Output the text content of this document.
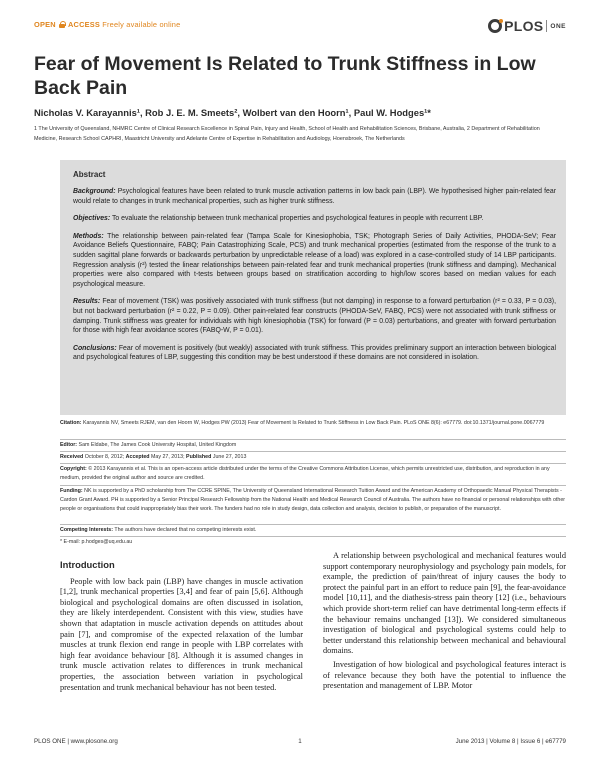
OPEN ACCESS Freely available online	PLOS ONE
Fear of Movement Is Related to Trunk Stiffness in Low Back Pain
Nicholas V. Karayannis¹, Rob J. E. M. Smeets², Wolbert van den Hoorn¹, Paul W. Hodges¹*
1 The University of Queensland, NHMRC Centre of Clinical Research Excellence in Spinal Pain, Injury and Health, School of Health and Rehabilitation Sciences, Brisbane, Australia, 2 Department of Rehabilitation Medicine, Research School CAPHRI, Maastricht University and Adelante Centre of Expertise in Rehabilitation and Audiology, Hoensbroek, The Netherlands
Abstract

Background: Psychological features have been related to trunk muscle activation patterns in low back pain (LBP). We hypothesised higher pain-related fear would relate to changes in trunk mechanical properties, such as higher trunk stiffness.

Objectives: To evaluate the relationship between trunk mechanical properties and psychological features in people with recurrent LBP.

Methods: The relationship between pain-related fear (Tampa Scale for Kinesiophobia, TSK; Photograph Series of Daily Activities, PHODA-SeV; Fear Avoidance Beliefs Questionnaire, FABQ; Pain Catastrophizing Scale, PCS) and trunk mechanical properties (estimated from the response of the trunk to a sudden sagittal plane forwards or backwards perturbation by unpredictable release of a load) was explored in a case-controlled study of 14 LBP participants. Regression analysis (r²) tested the linear relationships between pain-related fear and trunk mechanical properties (trunk stiffness and damping). Mechanical properties were also compared with t-tests between groups based on stratification according to high/low scores based on median values for each psychological measure.

Results: Fear of movement (TSK) was positively associated with trunk stiffness (but not damping) in response to a forward perturbation (r² = 0.33, P = 0.03), but not backward perturbation (r² = 0.22, P = 0.09). Other pain-related fear constructs (PHODA-SeV, FABQ, PCS) were not associated with trunk stiffness or damping. Trunk stiffness was greater for individuals with high kinesiophobia (TSK) for forward (P = 0.03) perturbations, and greater with forward perturbation for those with high fear avoidance scores (FABQ-W, P = 0.01).

Conclusions: Fear of movement is positively (but weakly) associated with trunk stiffness. This provides preliminary support an interaction between biological and psychological features of LBP, suggesting this condition may be best understood if these domains are not considered in isolation.

Citation: Karayannis NV, Smeets RJEM, van den Hoorn W, Hodges PW (2013) Fear of Movement Is Related to Trunk Stiffness in Low Back Pain. PLoS ONE 8(6): e67779. doi:10.1371/journal.pone.0067779
Editor: Sam Eldabe, The James Cook University Hospital, United Kingdom
Received October 8, 2012; Accepted May 27, 2013; Published June 27, 2013
Copyright: © 2013 Karayannis et al. This is an open-access article distributed under the terms of the Creative Commons Attribution License, which permits unrestricted use, distribution, and reproduction in any medium, provided the original author and source are credited.
Funding: NK is supported by a PhD scholarship from The CCRE SPINE, The University of Queensland International Research Tuition Award and the American Academy of Orthopaedic Manual Physical Therapists - Cardon Grant Award. PH is supported by a Senior Principal Research Fellowship from the National Health and Medical Research Council of Australia. The authors have no financial or personal relationships with other people or organisations that could inappropriately bias their work. The funders had no role in study design, data collection and analysis, decision to publish, or preparation of the manuscript.
Competing Interests: The authors have declared that no competing interests exist.
* E-mail: p.hodges@uq.edu.au
Introduction

People with low back pain (LBP) have changes in muscle activation [1,2], trunk mechanical properties [3,4] and fear of pain [5,6]. Although biological and psychological domains are often discussed in isolation, they are likely interdependent. Consistent with this view, studies have shown that adaptation in muscle activation depends on attitudes about pain [7], and compromise of the expected relaxation of the lumbar muscles at trunk flexion end range in people with LBP correlates with high fear avoidance behaviour [8]. Although it is assumed changes in trunk muscle activation relates to differences in trunk mechanical properties, the association between variation in psychological presentation and trunk mechanical behaviour has not been tested.

A relationship between psychological and mechanical features would support contemporary neurophysiology and psychology pain models, for example, the prediction of pain/threat of injury causes the body to protect the painful part in an effort to reduce pain [9], the fear-avoidance model [10,11], and the diathesis-stress pain theory [12] (i.e., behaviours which provide short-term relief can have detrimental long-term effects if the behaviour remains unchanged [13]). We considered simultaneous investigation of biological and psychological systems could help to better understand this relationship between mechanical and behavioural domains.

Investigation of how biological and psychological features interact is of relevance because they both have the potential to influence the presentation and management of LBP. Motor

PLOS ONE | www.plosone.org	1	June 2013 | Volume 8 | Issue 6 | e67779
